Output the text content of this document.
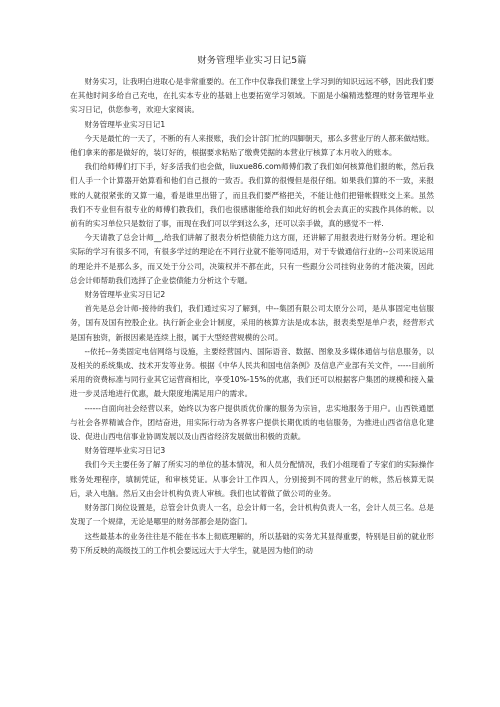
财务管理毕业实习日记5篇

财务实习，让我明白进取心是非常重要的。在工作中仅靠我们课堂上学习到的知识远远不够，因此我们要在其他时间多给自己充电，在扎实本专业的基础上也要拓宽学习领域。下面是小编精选整理的财务管理毕业实习日记，供您参考，欢迎大家阅读。

财务管理毕业实习日记1

今天是最忙的一天了，不断的有人来报账，我们会计部门忙的四脚朝天，那么多营业厅的人都来做结账。他们拿来的都是做好的，装订好的，根据要求粘贴了缴费凭据的本营业厅核算了本月收入的账本。

我们给师傅们打下手，好多活我们也会做，liuxue86.com师傅们教了我们如何核算他们报的帐，然后我们人手一个计算器开始算看和他们自己报的一致否。我们算的很慢但是很仔细。如果我们算的不一致，来报账的人就很紧张的又算一遍，看是谁里出错了，而且我们要严格把关，不能让他们把错帐假账交上来。虽然我们不专业但有很专业的师傅们教我们，我们也很感谢能给我们如此好的机会去真正的实践作具体的帐。以前有的实习单位只是数衍了事，而现在我们可以学到这么多，还可以亲手做，真的感觉不一样.

今天请教了总会计师__,给我们讲解了报表分析恺债能力这方面，还讲解了用报表进行财务分析。理论和实际的学习有很多不同，有很多学过的理论在不同行业就不能等同适用，对于专做通信行业的--公司来说运用的理论并不是那么多，而又处于分公司，决策权并不都在此，只有一些跟分公司挂钩业务的才能决策，因此总会计师帮助我们选择了企业偿债能力分析这个专题。

财务管理毕业实习日记2

首先是总会计师-接待的我们，我们通过实习了解到，中--集团有限公司太原分公司，是从事固定电信服务，国有及国有控股企业。执行新企业会计制度，采用的核算方法是成本法，报表类型是单户表，经营形式是国有独资，新报因素是连续上报，属于大型经营规模的公司。

--依托--务类固定电信网络与设施，主要经营国内、国际语音、数据、图象及多媒体通信与信息服务，以及相关的系统集成、技术开发等业务。根据《中华人民共和国电信条例》及信息产业部有关文件，-----目前所采用的资费标准与同行业其它运营商相比，享受10%-15%的优惠，我们还可以根据客户集团的规模和接入量进一步灵活地进行优惠，最大限度地满足用户的需求。

------自面向社会经营以来，始终以为客户提供质优价廉的服务为宗旨，忠实地服务于用户。山西铁通愿与社会各界精诚合作，团结奋进，用实际行动为各界客户提供长期优质的电信服务，为推进山西省信息化建设、促进山西电信事业协调发展以及山西省经济发展做出积极的贡献。

财务管理毕业实习日记3

我们今天主要任务了解了所实习的单位的基本情况，和人员分配情况，我们小组现看了专家们的实际操作账务处理程序，填制凭证，和审核凭证。从事会计工作四人，分别接到不同的营业厅的帐，然后核算无误后，录入电脑。然后又由会计机构负责人审核。我们也试着做了做公司的业务。

财务部门岗位设置是，总管会计负责人一名，总会计师一名，会计机构负责人一名，会计人员三名。总是发现了一个规律，无论是哪里的财务部都会是防盗门。

这些最基本的业务往往是不能在书本上彻底理解的，所以基础的实务尤其显得重要，特别是目前的就业形势下所反映的高级技工的工作机会要远远大于大学生，就是因为他们的动
